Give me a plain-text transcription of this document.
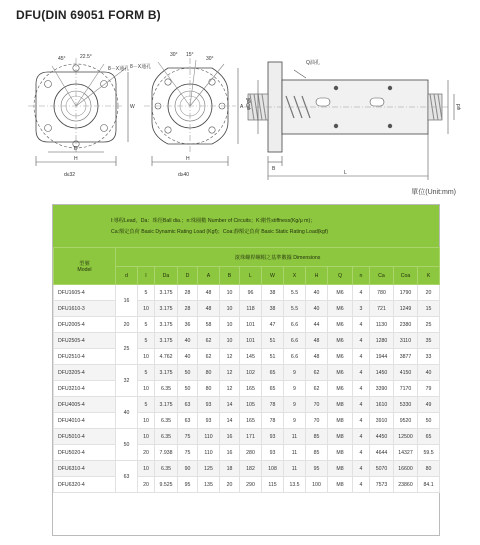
DFU(DIN 69051 FORM B)
45°	22.5°
8－X通孔 8－X通孔
30° 15°
30°
Q油孔
W	A
H
D
H
φDg6	φd
B
L
d≤32	d≥40
單位(Unit:mm)
l:導程Lead，Da：珠徑Ball dia.；n:珠圈數 Number of Circuits；K:剛性stiffness(Kg/μ m)；
Ca:額定負荷 Basic Dynamic Rating Load (Kgf)；Coa:靜額定負荷 Basic Static Rating Load(kgf)
型號
Model	滾珠螺桿螺帽之基準數據 Dimensions														
	d	l	Da	D	A	B	L	W	X	H	Q	n	Ca	Coa	K
DFU1605-4	16	5	3.175	28	48	10	96	38	5.5	40	M6	4	780	1790	20
DFU1610-3		10	3.175	28	48	10	118	38	5.5	40	M6	3	721	1249	15
DFU2005-4	20	5	3.175	36	58	10	101	47	6.6	44	M6	4	1130	2380	25
DFU2505-4	25	5	3.175	40	62	10	101	51	6.6	48	M6	4	1280	3110	35
DFU2510-4		10	4.762	40	62	12	145	51	6.6	48	M6	4	1944	3877	33
DFU3205-4	32	5	3.175	50	80	12	102	65	9	62	M6	4	1450	4150	40
DFU3210-4		10	6.35	50	80	12	165	65	9	62	M6	4	3390	7170	79
DFU4005-4	40	5	3.175	63	93	14	105	78	9	70	M8	4	1610	5330	49
DFU4010-4		10	6.35	63	93	14	165	78	9	70	M8	4	3910	9520	50
DFU5010-4	50	10	6.35	75	110	16	171	93	11	85	M8	4	4450	12500	65
DFU5020-4		20	7.938	75	110	16	280	93	11	85	M8	4	4644	14327	59.5
DFU6310-4	63	10	6.35	90	125	18	182	108	11	95	M8	4	5070	16600	80
DFU6320-4		20	9.525	95	135	20	290	115	13.5	100	M8	4	7573	23860	84.1
